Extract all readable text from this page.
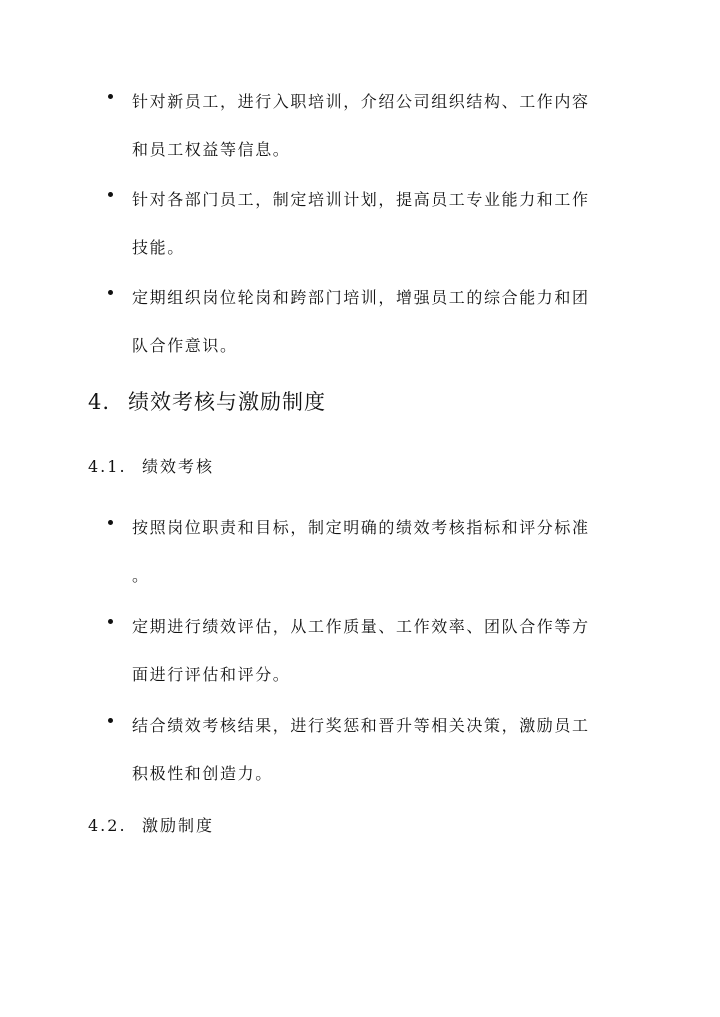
针对新员工，进行入职培训，介绍公司组织结构、工作内容
和员工权益等信息。
针对各部门员工，制定培训计划，提高员工专业能力和工作
技能。
定期组织岗位轮岗和跨部门培训，增强员工的综合能力和团
队合作意识。
4. 绩效考核与激励制度
4.1. 绩效考核
按照岗位职责和目标，制定明确的绩效考核指标和评分标准
。
定期进行绩效评估，从工作质量、工作效率、团队合作等方
面进行评估和评分。
结合绩效考核结果，进行奖惩和晋升等相关决策，激励员工
积极性和创造力。
4.2. 激励制度
